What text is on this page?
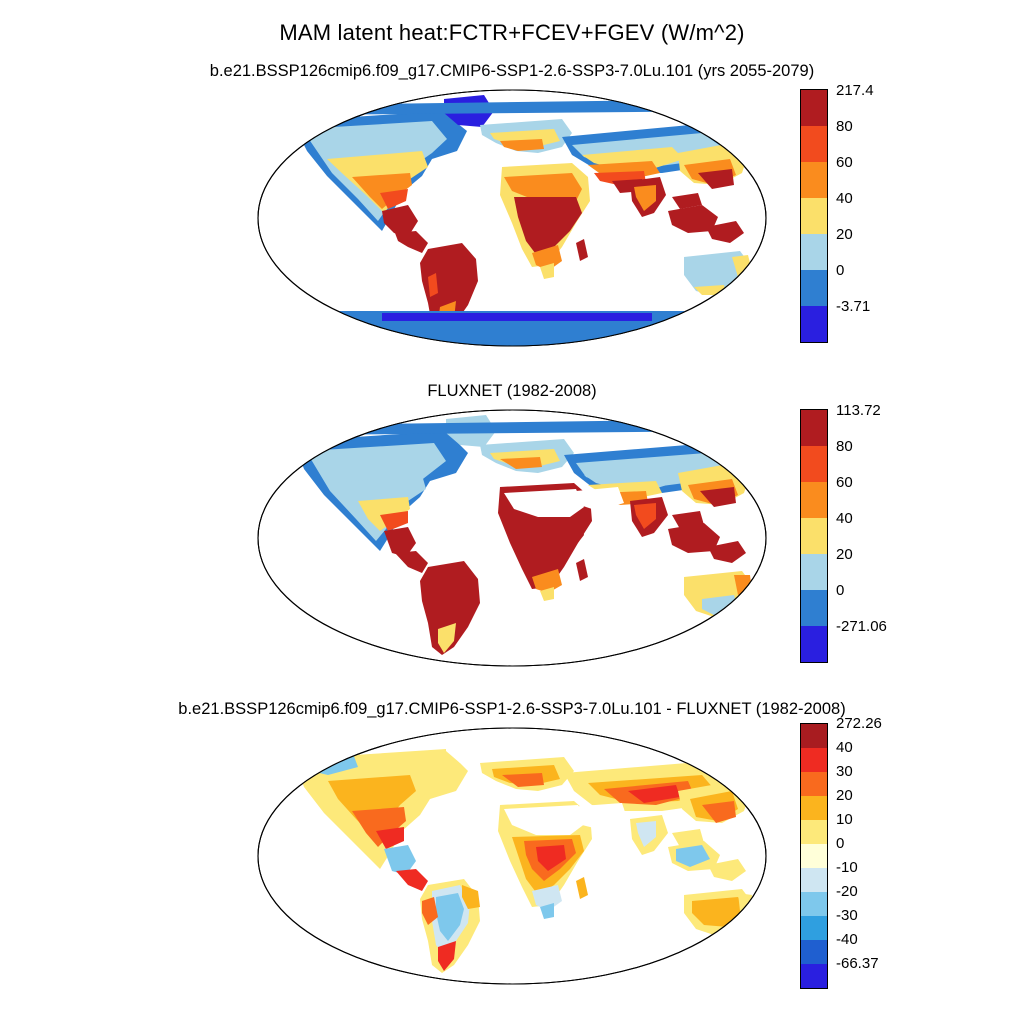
MAM latent heat:FCTR+FCEV+FGEV (W/m^2)
b.e21.BSSP126cmip6.f09_g17.CMIP6-SSP1-2.6-SSP3-7.0Lu.101 (yrs 2055-2079)
217.4
80
60
40
20
0
-3.71
FLUXNET (1982-2008)
113.72
80
60
40
20
0
-271.06
b.e21.BSSP126cmip6.f09_g17.CMIP6-SSP1-2.6-SSP3-7.0Lu.101 - FLUXNET (1982-2008)
272.26
40
30
20
10
0
-10
-20
-30
-40
-66.37
